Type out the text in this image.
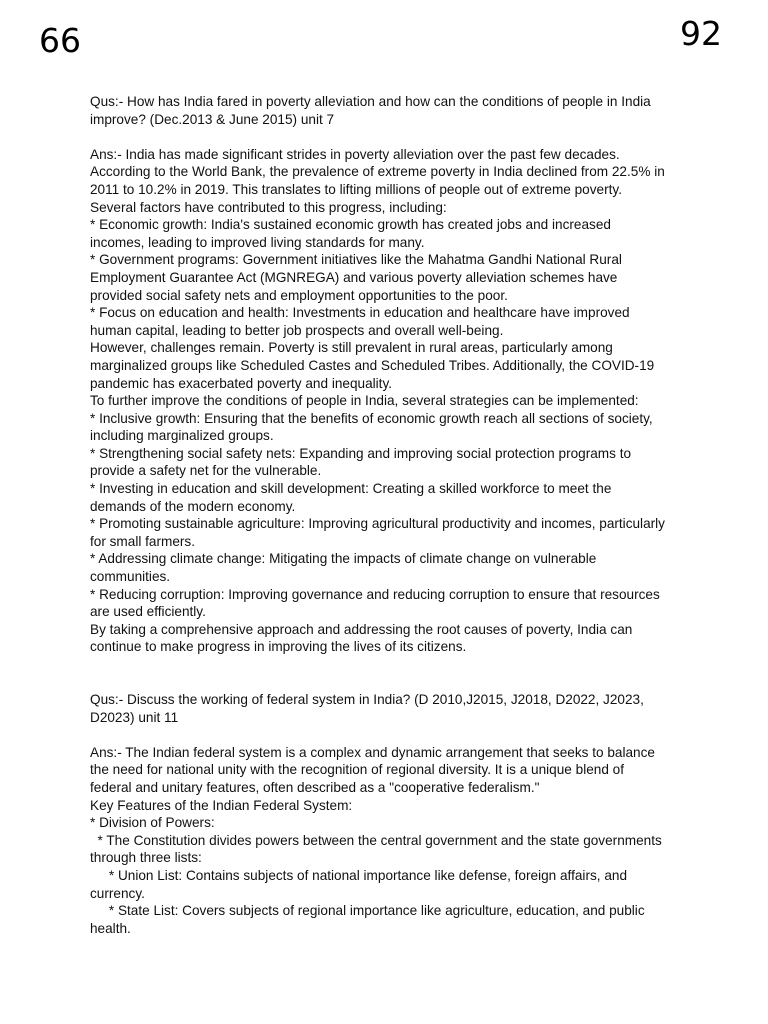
66	92
Qus:- How has India fared in poverty alleviation and how can the conditions of people in India
improve? (Dec.2013 & June 2015) unit 7
Ans:- India has made significant strides in poverty alleviation over the past few decades.
According to the World Bank, the prevalence of extreme poverty in India declined from 22.5% in
2011 to 10.2% in 2019. This translates to lifting millions of people out of extreme poverty.
Several factors have contributed to this progress, including:
* Economic growth: India's sustained economic growth has created jobs and increased
incomes, leading to improved living standards for many.
* Government programs: Government initiatives like the Mahatma Gandhi National Rural
Employment Guarantee Act (MGNREGA) and various poverty alleviation schemes have
provided social safety nets and employment opportunities to the poor.
* Focus on education and health: Investments in education and healthcare have improved
human capital, leading to better job prospects and overall well-being.
However, challenges remain. Poverty is still prevalent in rural areas, particularly among
marginalized groups like Scheduled Castes and Scheduled Tribes. Additionally, the COVID-19
pandemic has exacerbated poverty and inequality.
To further improve the conditions of people in India, several strategies can be implemented:
* Inclusive growth: Ensuring that the benefits of economic growth reach all sections of society,
including marginalized groups.
* Strengthening social safety nets: Expanding and improving social protection programs to
provide a safety net for the vulnerable.
* Investing in education and skill development: Creating a skilled workforce to meet the
demands of the modern economy.
* Promoting sustainable agriculture: Improving agricultural productivity and incomes, particularly
for small farmers.
* Addressing climate change: Mitigating the impacts of climate change on vulnerable
communities.
* Reducing corruption: Improving governance and reducing corruption to ensure that resources
are used efficiently.
By taking a comprehensive approach and addressing the root causes of poverty, India can
continue to make progress in improving the lives of its citizens.
Qus:- Discuss the working of federal system in India? (D 2010,J2015, J2018, D2022, J2023,
D2023) unit 11
Ans:- The Indian federal system is a complex and dynamic arrangement that seeks to balance
the need for national unity with the recognition of regional diversity. It is a unique blend of
federal and unitary features, often described as a "cooperative federalism."
Key Features of the Indian Federal System:
* Division of Powers:
* The Constitution divides powers between the central government and the state governments
through three lists:
* Union List: Contains subjects of national importance like defense, foreign affairs, and
currency.
* State List: Covers subjects of regional importance like agriculture, education, and public
health.
